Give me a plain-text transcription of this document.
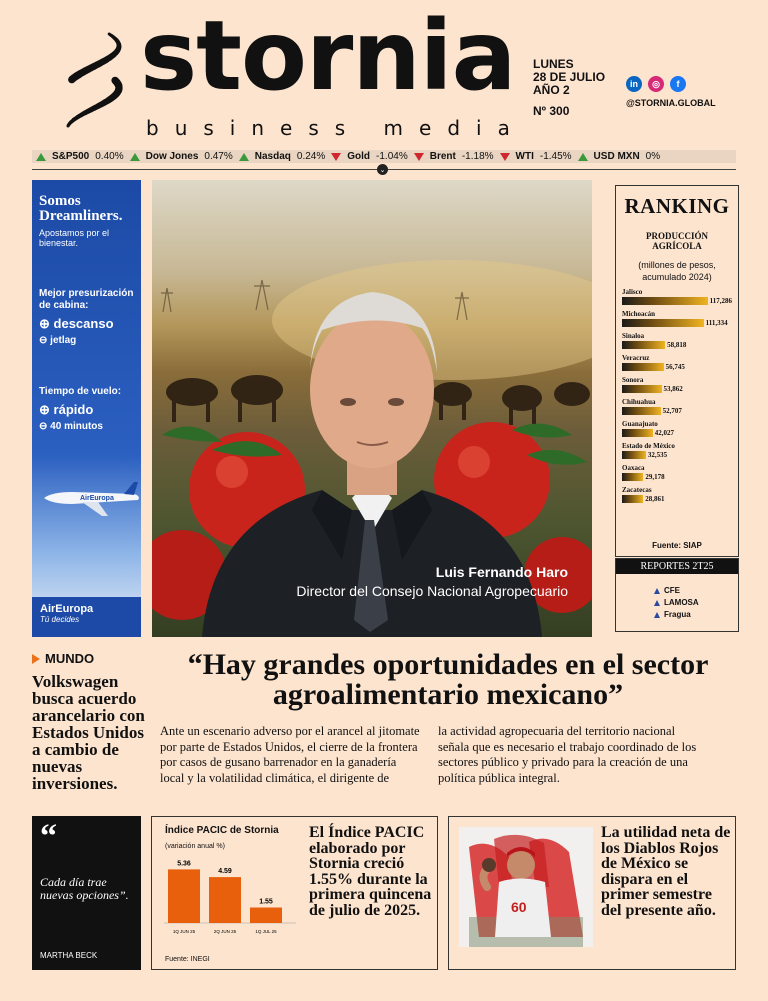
stornia
business media
LUNES
28 DE JULIO
AÑO 2
Nº 300
in	◎	f
@STORNIA.GLOBAL
S&P500 0.40% Dow Jones 0.47% Nasdaq 0.24% Gold -1.04% Brent -1.18% WTI -1.45% USD MXN 0%
⌄
Somos Dreamliners.
Apostamos por el bienestar.
Mejor presurización de cabina:
⊕ descanso
⊖ jetlag
Tiempo de vuelo:
⊕ rápido
⊖ 40 minutos
AirEuropa
AirEuropa
Tú decides
Luis Fernando Haro
Director del Consejo Nacional Agropecuario
RANKING
PRODUCCIÓN AGRÍCOLA
(millones de pesos, acumulado 2024)
Jalisco
117,286
Michoacán
111,334
Sinaloa
58,818
Veracruz
56,745
Sonora
53,862
Chihuahua
52,707
Guanajuato
42,027
Estado de México
32,535
Oaxaca
29,178
Zacatecas
28,861
Fuente: SIAP
REPORTES 2T25
CFE
LAMOSA
Fragua
MUNDO
Volkswagen busca acuerdo arancelario con Estados Unidos a cambio de nuevas inversiones.
“Hay grandes oportunidades en el sector agroalimentario mexicano”
Ante un escenario adverso por el arancel al jitomate por parte de Estados Unidos, el cierre de la frontera por casos de gusano barrenador en la ganadería local y la volatilidad climática, el dirigente de
la actividad agropecuaria del territorio nacional señala que es necesario el trabajo coordinado de los sectores público y privado para la creación de una política pública integral.
“
Cada día trae nuevas opciones”.
MARTHA BECK
Índice PACIC de Stornia
(variación anual %)
5.36
1Q JUN 25
4.59
2Q JUN 25
1.55
1Q JUL 25
Fuente: INEGI
El Índice PACIC elaborado por Stornia creció 1.55% durante la primera quincena de julio de 2025.	60
La utilidad neta de los Diablos Rojos de México se dispara en el primer semestre del presente año.
